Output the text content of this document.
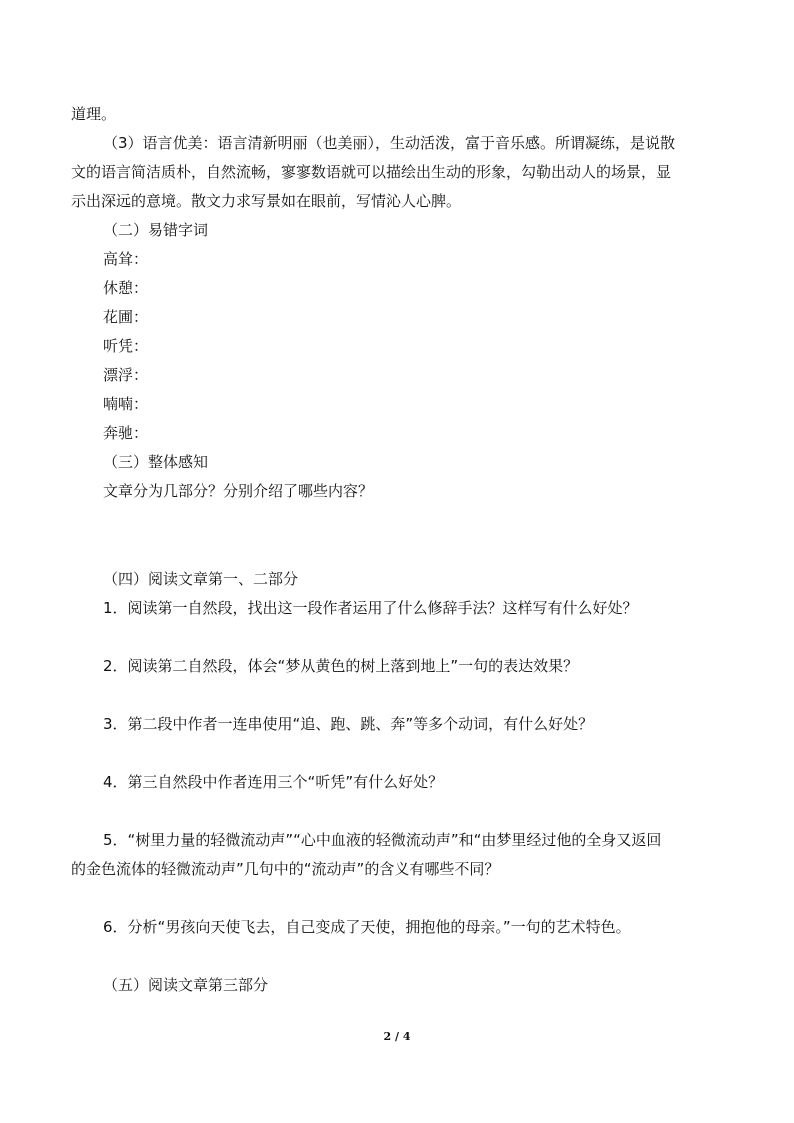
道理。
（3）语言优美：语言清新明丽（也美丽），生动活泼，富于音乐感。所谓凝练，是说散
文的语言简洁质朴，自然流畅，寥寥数语就可以描绘出生动的形象，勾勒出动人的场景，显
示出深远的意境。散文力求写景如在眼前，写情沁人心脾。
（二）易错字词
高耸：
休憩：
花圃：
听凭：
漂浮：
喃喃：
奔驰：
（三）整体感知
文章分为几部分？分别介绍了哪些内容？
（四）阅读文章第一、二部分
1．阅读第一自然段，找出这一段作者运用了什么修辞手法？这样写有什么好处？
2．阅读第二自然段，体会“梦从黄色的树上落到地上”一句的表达效果？
3．第二段中作者一连串使用“追、跑、跳、奔”等多个动词，有什么好处？
4．第三自然段中作者连用三个“听凭”有什么好处？
5．“树里力量的轻微流动声”“心中血液的轻微流动声”和“由梦里经过他的全身又返回
的金色流体的轻微流动声”几句中的“流动声”的含义有哪些不同？
6．分析“男孩向天使飞去，自己变成了天使，拥抱他的母亲。”一句的艺术特色。
（五）阅读文章第三部分
2 / 4
